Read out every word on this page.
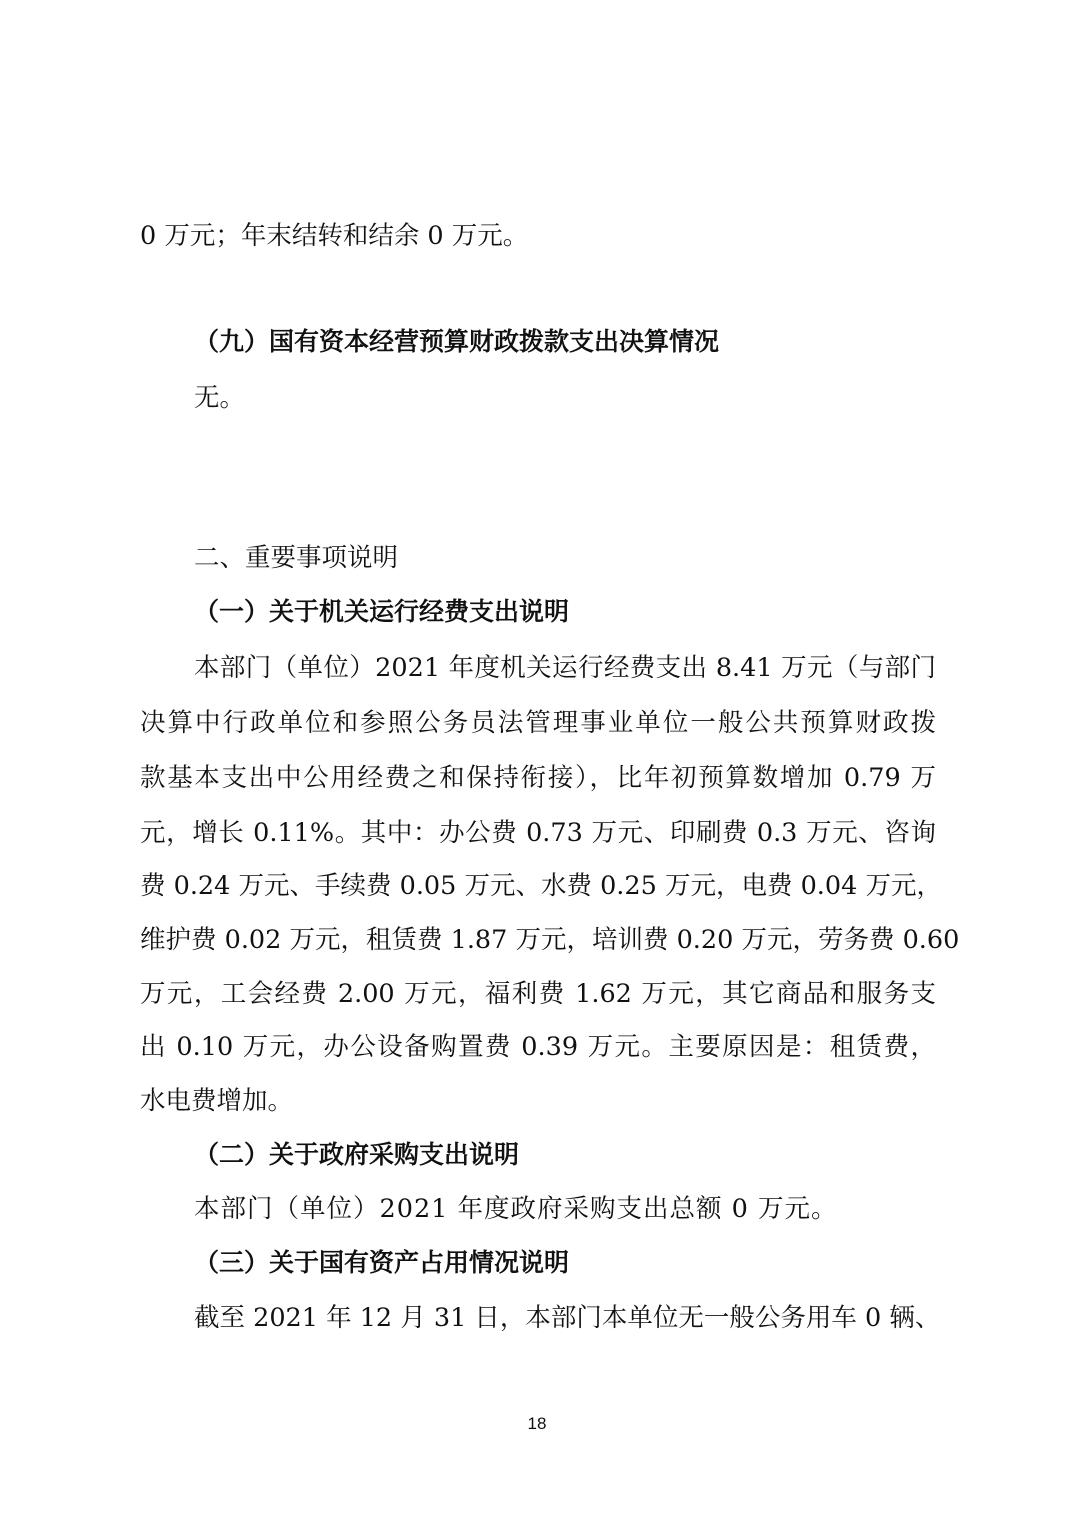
0 万元；年末结转和结余 0 万元。
（九）国有资本经营预算财政拨款支出决算情况
无。
二、重要事项说明
（一）关于机关运行经费支出说明
本部门（单位）2021 年度机关运行经费支出 8.41 万元（与部门
决算中行政单位和参照公务员法管理事业单位一般公共预算财政拨
款基本支出中公用经费之和保持衔接），比年初预算数增加 0.79 万
元，增长 0.11%。其中：办公费 0.73 万元、印刷费 0.3 万元、咨询
费 0.24 万元、手续费 0.05 万元、水费 0.25 万元，电费 0.04 万元，
维护费 0.02 万元，租赁费 1.87 万元，培训费 0.20 万元，劳务费 0.60
万元，工会经费 2.00 万元，福利费 1.62 万元，其它商品和服务支
出 0.10 万元，办公设备购置费 0.39 万元。主要原因是：租赁费，
水电费增加。
（二）关于政府采购支出说明
本部门（单位）2021 年度政府采购支出总额 0 万元。
（三）关于国有资产占用情况说明
截至 2021 年 12 月 31 日，本部门本单位无一般公务用车 0 辆、
18
